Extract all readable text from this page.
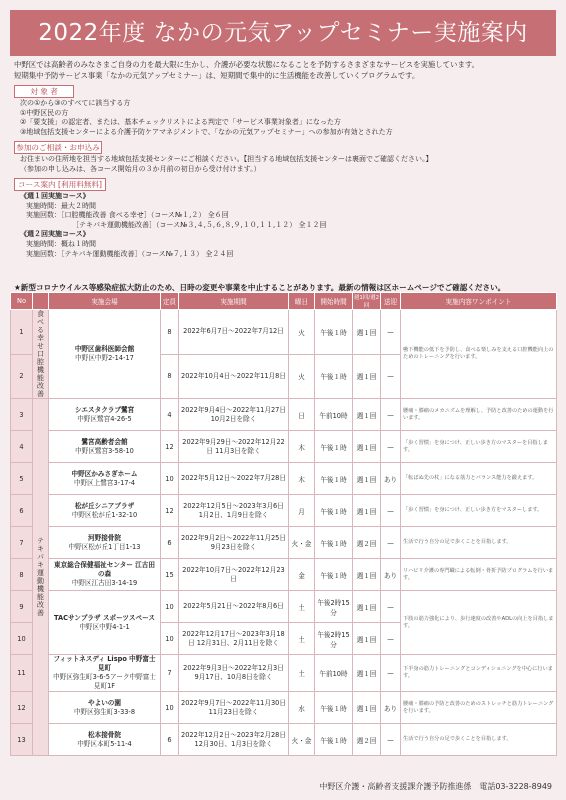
2022年度 なかの元気アップセミナー実施案内
中野区では高齢者のみなさまご自身の力を最大限に生かし、介護が必要な状態になることを予防するさまざまなサービスを実施しています。
短期集中予防サービス事業「なかの元気アップセミナー」は、短期間で集中的に生活機能を改善していくプログラムです。
対 象 者
次の①から③のすべてに該当する方
①中野区民の方
②「要支援」の認定者、または、基本チェックリストによる判定で「サービス事業対象者」になった方
③地域包括支援センターによる介護予防ケアマネジメントで、「なかの元気アップセミナー」への参加が有効とされた方
参加のご相談・お申込み
お住まいの住所地を担当する地域包括支援センターにご相談ください。【担当する地域包括支援センターは裏面でご確認ください。】
（参加の申し込みは、各コース開始月の３か月前の初日から受け付けます。）
コース案内 [利用料無料]
《週１回実施コース》
実施時間：最大２時間
実施回数：［口腔機能改善 食べる幸せ］（コース№１,２） 全６回
［テキパキ運動機能改善］（コース№３,４,５,６,８,９,１０,１１,１２） 全１２回
《週２回実施コース》
実施時間：概ね１時間
実施回数：［テキパキ運動機能改善］（コース№７,１３） 全２４回
★新型コロナウイルス等感染症拡大防止のため、日時の変更や事業を中止することがあります。最新の情報は区ホームページでご確認ください。
No		実施会場	定員	実施期間	曜日	開始時間	週1回/週2回	送迎	実施内容ワンポイント
1	食べる幸せ口腔機能改善	中野区歯科医師会館
中野区中野2-14-17	8	2022年6月7日～2022年7月12日	火	午後１時	週１回	—	嚥下機能の低下を予防し、食べる楽しみを支える口腔機能向上のためのトレーニングを行います。
2			8	2022年10月4日～2022年11月8日	火	午後１時	週１回	—	
3	テキパキ運動機能改善	シエスタクラブ鷺宮
中野区鷺宮4-26-5	4	2022年9月4日～2022年11月27日 10月2日を除く	日	午前10時	週１回	—	腰痛・膝痛のメカニズムを理解し、予防と改善のための運動を行います。
4		鷺宮高齢者会館
中野区鷺宮3-58-10	12	2022年9月29日～2022年12月22日 11月3日を除く	木	午後１時	週１回	—	「歩く習慣」を身につけ、正しい歩き方のマスターを目指します。
5		中野区かみさぎホーム
中野区上鷺宮3-17-4	10	2022年5月12日～2022年7月28日	木	午後１時	週１回	あり	「転ばぬ先の杖」になる筋力とバランス能力を鍛えます。
6		松が丘シニアプラザ
中野区松が丘1-32-10	12	2022年12月5日～2023年3月6日 1月2日、1月9日を除く	月	午後１時	週１回	—	「歩く習慣」を身につけ、正しい歩き方をマスターします。
7		河野接骨院
中野区松が丘1丁目1-13	6	2022年9月2日～2022年11月25日 9月23日を除く	火・金	午後１時	週２回	—	生活で行う自分の足で歩くことを目指します。
8		東京総合保健福祉センター 江古田の森
中野区江古田3-14-19	15	2022年10月7日～2022年12月23日	金	午後１時	週１回	あり	リハビリ介護の専門職による転倒・骨折予防プログラムを行います。
9		TACサンプラザ スポーツスペース
中野区中野4-1-1	10	2022年5月21日～2022年8月6日	土	午後2時15分	週１回	—	下肢の筋力強化により、歩行速度の改善やADLの向上を目指します。
10			10	2022年12月17日～2023年3月18日 12月31日、2月11日を除く	土	午後2時15分	週１回	—	
11		フィットネスディ Lispo 中野富士見町
中野区弥生町3-6-5アーク中野富士見町1F	7	2022年9月3日～2022年12月3日 9月17日、10月8日を除く	土	午前10時	週１回	—	下半身の筋力トレーニングとコンディショニングを中心に行います。
12		やよいの園
中野区弥生町3-33-8	10	2022年9月7日～2022年11月30日 11月23日を除く	水	午後１時	週１回	あり	腰痛・膝痛の予防と改善のためのストレッチと筋力トレーニングを行います。
13		松本接骨院
中野区本町5-11-4	6	2022年12月2日～2023年2月28日 12月30日、1月3日を除く	火・金	午後１時	週２回	—	生活で行う自分の足で歩くことを目指します。
中野区介護・高齢者支援課介護予防推進係　電話03-3228-8949
